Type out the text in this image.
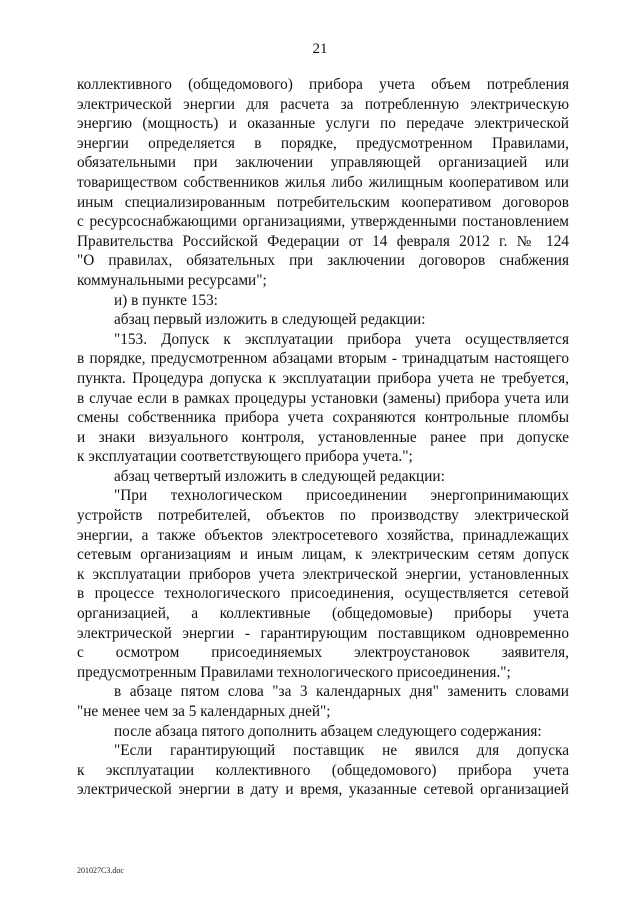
21
коллективного (общедомового) прибора учета объем потребления
электрической энергии для расчета за потребленную электрическую
энергию (мощность) и оказанные услуги по передаче электрической
энергии определяется в порядке, предусмотренном Правилами,
обязательными при заключении управляющей организацией или
товариществом собственников жилья либо жилищным кооперативом или
иным специализированным потребительским кооперативом договоров
с ресурсоснабжающими организациями, утвержденными постановлением
Правительства Российской Федерации от 14 февраля 2012 г. № 124
"О правилах, обязательных при заключении договоров снабжения
коммунальными ресурсами";
и) в пункте 153:
абзац первый изложить в следующей редакции:
"153. Допуск к эксплуатации прибора учета осуществляется
в порядке, предусмотренном абзацами вторым - тринадцатым настоящего
пункта. Процедура допуска к эксплуатации прибора учета не требуется,
в случае если в рамках процедуры установки (замены) прибора учета или
смены собственника прибора учета сохраняются контрольные пломбы
и знаки визуального контроля, установленные ранее при допуске
к эксплуатации соответствующего прибора учета.";
абзац четвертый изложить в следующей редакции:
"При технологическом присоединении энергопринимающих
устройств потребителей, объектов по производству электрической
энергии, а также объектов электросетевого хозяйства, принадлежащих
сетевым организациям и иным лицам, к электрическим сетям допуск
к эксплуатации приборов учета электрической энергии, установленных
в процессе технологического присоединения, осуществляется сетевой
организацией, а коллективные (общедомовые) приборы учета
электрической энергии - гарантирующим поставщиком одновременно
с осмотром присоединяемых электроустановок заявителя,
предусмотренным Правилами технологического присоединения.";
в абзаце пятом слова "за 3 календарных дня" заменить словами
"не менее чем за 5 календарных дней";
после абзаца пятого дополнить абзацем следующего содержания:
"Если гарантирующий поставщик не явился для допуска
к эксплуатации коллективного (общедомового) прибора учета
электрической энергии в дату и время, указанные сетевой организацией
201027С3.doc
